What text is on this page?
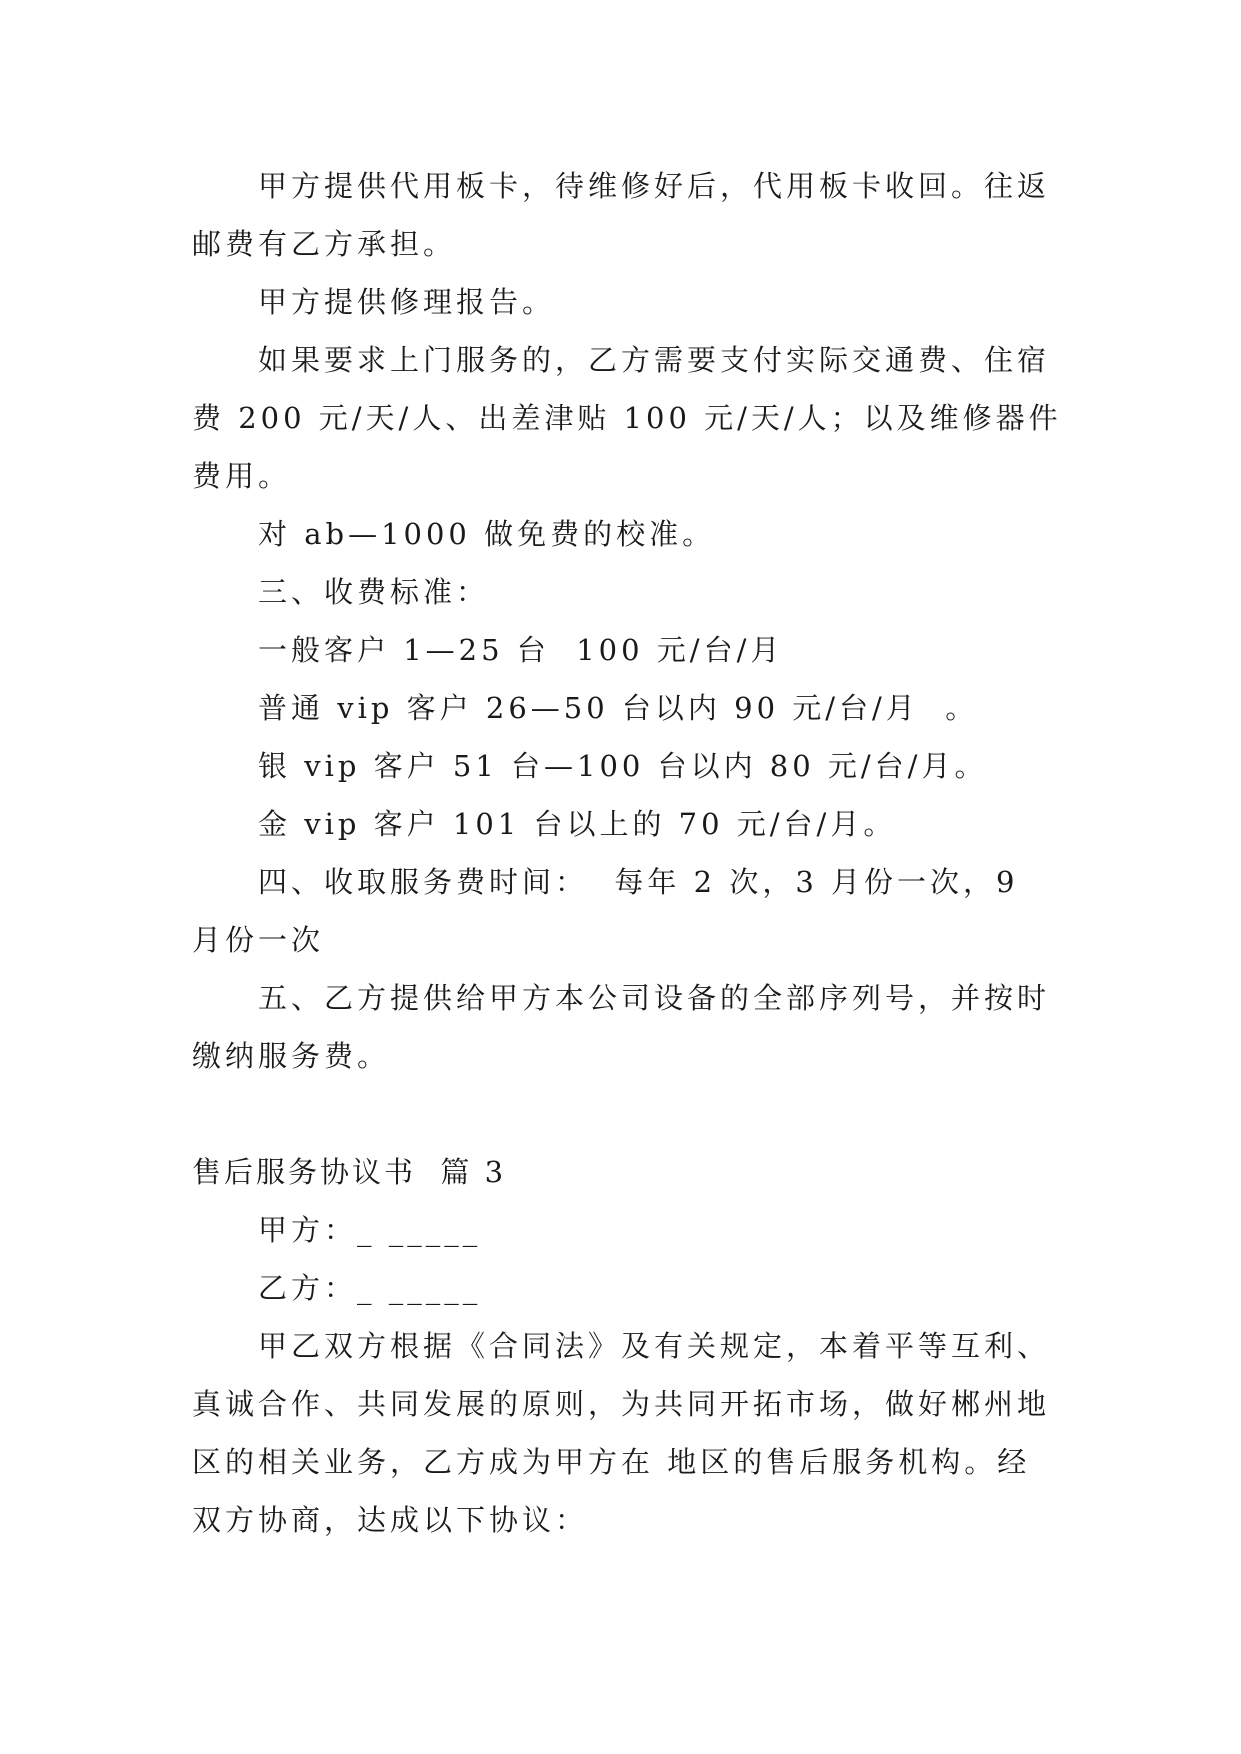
甲方提供代用板卡，待维修好后，代用板卡收回。往返邮费有乙方承担。

甲方提供修理报告。

如果要求上门服务的，乙方需要支付实际交通费、住宿费 200 元/天/人、出差津贴 100 元/天/人；以及维修器件费用。

对 ab—1000 做免费的校准。

三、收费标准：

一般客户 1—25 台  100 元/台/月

普通 vip 客户 26—50 台以内 90 元/台/月  。

银 vip 客户 51 台—100 台以内 80 元/台/月。

金 vip 客户 101 台以上的 70 元/台/月。

四、收取服务费时间：  每年 2 次，3 月份一次，9 月份一次

五、乙方提供给甲方本公司设备的全部序列号，并按时缴纳服务费。

售后服务协议书  篇 3

甲方：_ _____

乙方：_ _____

甲乙双方根据《合同法》及有关规定，本着平等互利、真诚合作、共同发展的原则，为共同开拓市场，做好郴州地区的相关业务，乙方成为甲方在 地区的售后服务机构。经双方协商，达成以下协议：
